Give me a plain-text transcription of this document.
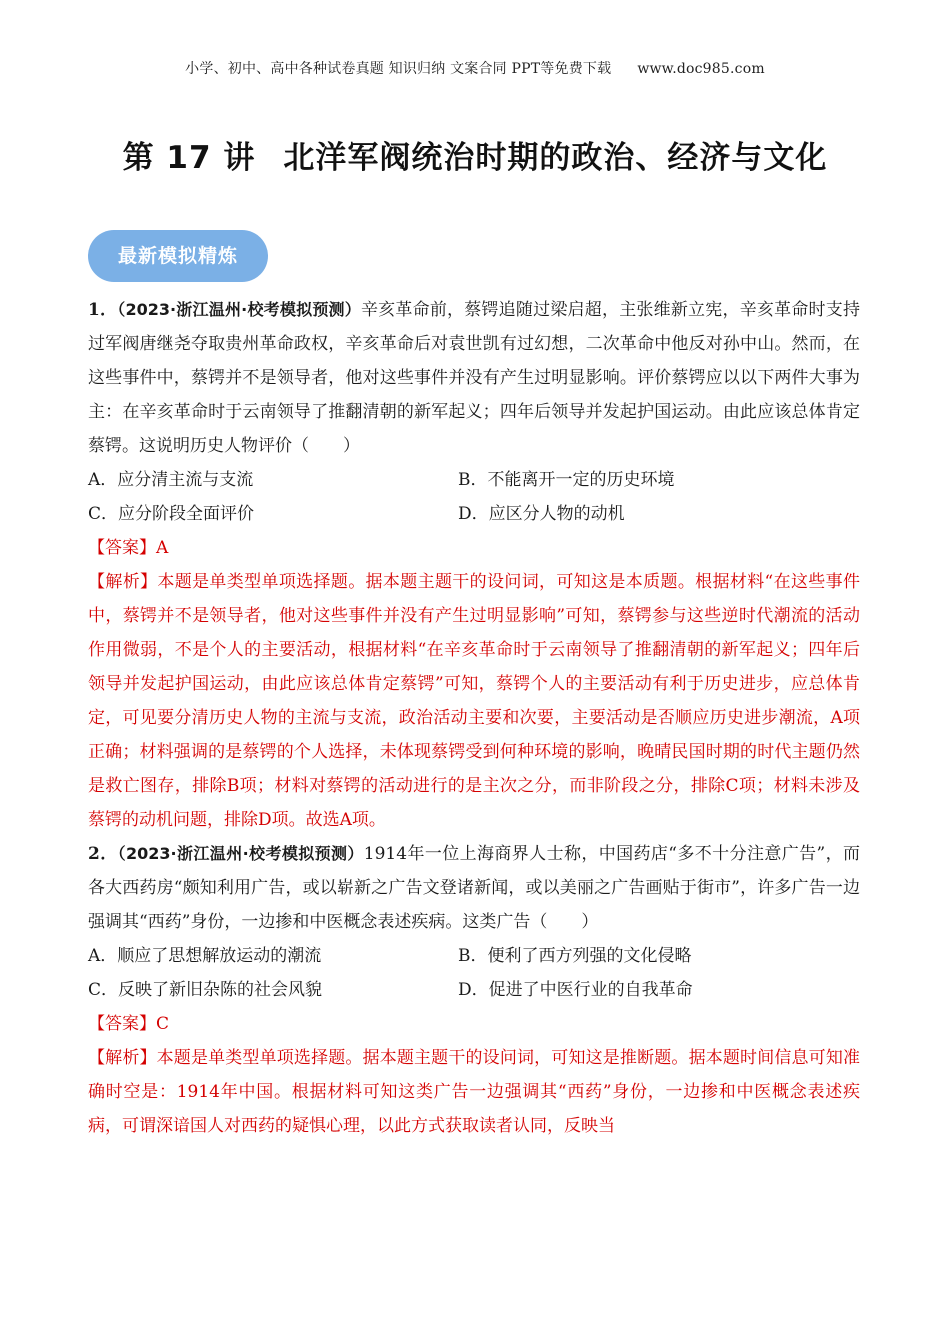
小学、初中、高中各种试卷真题 知识归纳 文案合同 PPT等免费下载 www.doc985.com
第 17 讲 北洋军阀统治时期的政治、经济与文化
最新模拟精炼

1．（2023·浙江温州·校考模拟预测）辛亥革命前，蔡锷追随过梁启超，主张维新立宪，辛亥革命时支持过军阀唐继尧夺取贵州革命政权，辛亥革命后对袁世凯有过幻想，二次革命中他反对孙中山。然而，在这些事件中，蔡锷并不是领导者，他对这些事件并没有产生过明显影响。评价蔡锷应以以下两件大事为主：在辛亥革命时于云南领导了推翻清朝的新军起义；四年后领导并发起护国运动。由此应该总体肯定蔡锷。这说明历史人物评价（　　）

A．应分清主流与支流	B．不能离开一定的历史环境

C．应分阶段全面评价	D．应区分人物的动机

【答案】A

【解析】本题是单类型单项选择题。据本题主题干的设问词，可知这是本质题。根据材料“在这些事件中，蔡锷并不是领导者，他对这些事件并没有产生过明显影响”可知，蔡锷参与这些逆时代潮流的活动作用微弱，不是个人的主要活动，根据材料“在辛亥革命时于云南领导了推翻清朝的新军起义；四年后领导并发起护国运动，由此应该总体肯定蔡锷”可知，蔡锷个人的主要活动有利于历史进步，应总体肯定，可见要分清历史人物的主流与支流，政治活动主要和次要，主要活动是否顺应历史进步潮流，A项正确；材料强调的是蔡锷的个人选择，未体现蔡锷受到何种环境的影响，晚晴民国时期的时代主题仍然是救亡图存，排除B项；材料对蔡锷的活动进行的是主次之分，而非阶段之分，排除C项；材料未涉及蔡锷的动机问题，排除D项。故选A项。

2．（2023·浙江温州·校考模拟预测）1914年一位上海商界人士称，中国药店“多不十分注意广告”，而各大西药房“颇知利用广告，或以崭新之广告文登诸新闻，或以美丽之广告画贴于街市”，许多广告一边强调其“西药”身份，一边掺和中医概念表述疾病。这类广告（　　）

A．顺应了思想解放运动的潮流	B．便利了西方列强的文化侵略

C．反映了新旧杂陈的社会风貌	D．促进了中医行业的自我革命

【答案】C

【解析】本题是单类型单项选择题。据本题主题干的设问词，可知这是推断题。据本题时间信息可知准确时空是：1914年中国。根据材料可知这类广告一边强调其“西药”身份，一边掺和中医概念表述疾病，可谓深谙国人对西药的疑惧心理，以此方式获取读者认同，反映当
